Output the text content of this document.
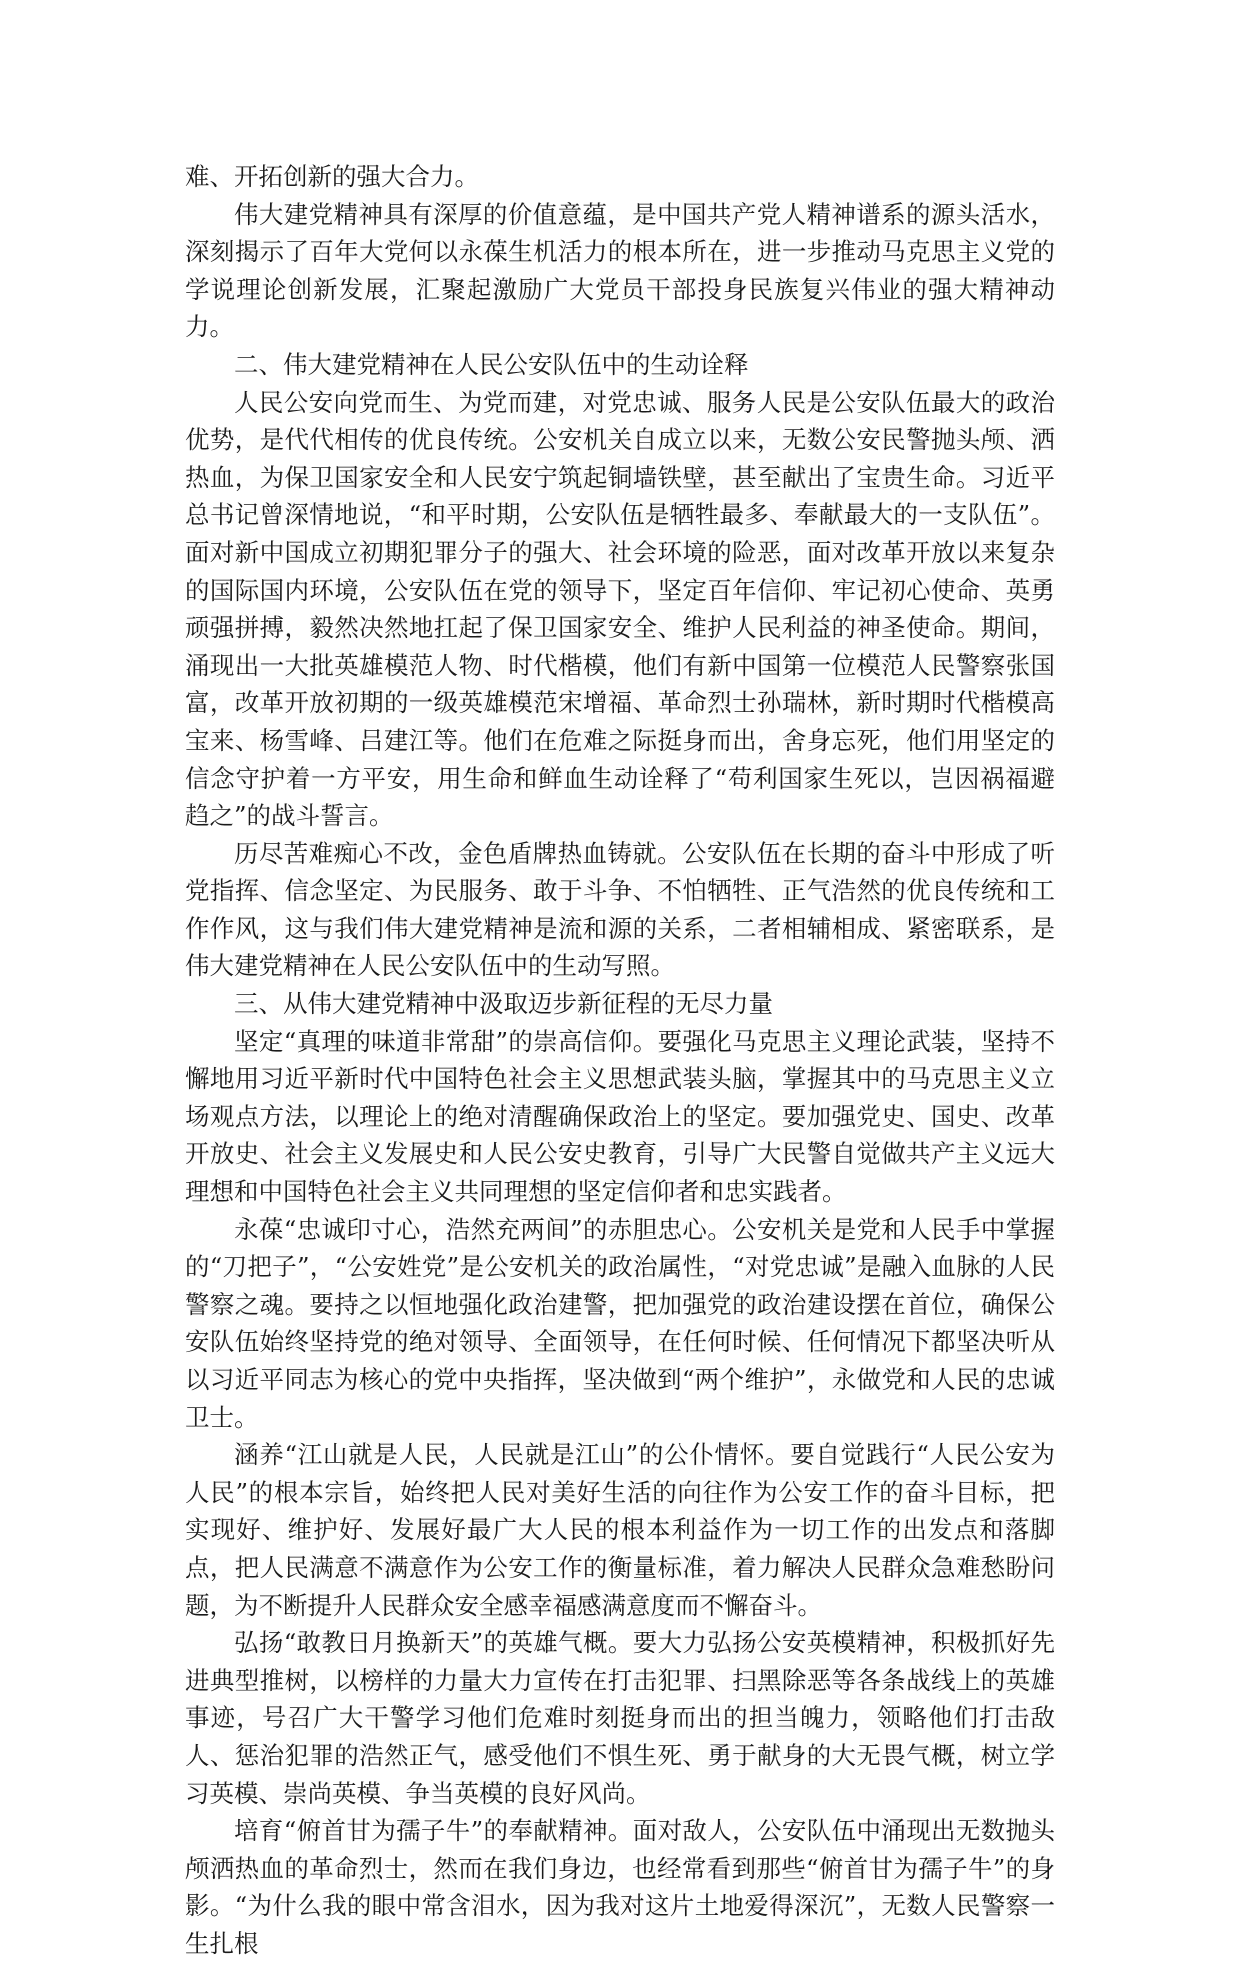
难、开拓创新的强大合力。

伟大建党精神具有深厚的价值意蕴，是中国共产党人精神谱系的源头活水，深刻揭示了百年大党何以永葆生机活力的根本所在，进一步推动马克思主义党的学说理论创新发展，汇聚起激励广大党员干部投身民族复兴伟业的强大精神动力。

二、伟大建党精神在人民公安队伍中的生动诠释

人民公安向党而生、为党而建，对党忠诚、服务人民是公安队伍最大的政治优势，是代代相传的优良传统。公安机关自成立以来，无数公安民警抛头颅、洒热血，为保卫国家安全和人民安宁筑起铜墙铁壁，甚至献出了宝贵生命。习近平总书记曾深情地说，“和平时期，公安队伍是牺牲最多、奉献最大的一支队伍”。面对新中国成立初期犯罪分子的强大、社会环境的险恶，面对改革开放以来复杂的国际国内环境，公安队伍在党的领导下，坚定百年信仰、牢记初心使命、英勇顽强拼搏，毅然决然地扛起了保卫国家安全、维护人民利益的神圣使命。期间，涌现出一大批英雄模范人物、时代楷模，他们有新中国第一位模范人民警察张国富，改革开放初期的一级英雄模范宋增福、革命烈士孙瑞林，新时期时代楷模高宝来、杨雪峰、吕建江等。他们在危难之际挺身而出，舍身忘死，他们用坚定的信念守护着一方平安，用生命和鲜血生动诠释了“苟利国家生死以，岂因祸福避趋之”的战斗誓言。

历尽苦难痴心不改，金色盾牌热血铸就。公安队伍在长期的奋斗中形成了听党指挥、信念坚定、为民服务、敢于斗争、不怕牺牲、正气浩然的优良传统和工作作风，这与我们伟大建党精神是流和源的关系，二者相辅相成、紧密联系，是伟大建党精神在人民公安队伍中的生动写照。

三、从伟大建党精神中汲取迈步新征程的无尽力量

坚定“真理的味道非常甜”的崇高信仰。要强化马克思主义理论武装，坚持不懈地用习近平新时代中国特色社会主义思想武装头脑，掌握其中的马克思主义立场观点方法，以理论上的绝对清醒确保政治上的坚定。要加强党史、国史、改革开放史、社会主义发展史和人民公安史教育，引导广大民警自觉做共产主义远大理想和中国特色社会主义共同理想的坚定信仰者和忠实践者。

永葆“忠诚印寸心，浩然充两间”的赤胆忠心。公安机关是党和人民手中掌握的“刀把子”，“公安姓党”是公安机关的政治属性，“对党忠诚”是融入血脉的人民警察之魂。要持之以恒地强化政治建警，把加强党的政治建设摆在首位，确保公安队伍始终坚持党的绝对领导、全面领导，在任何时候、任何情况下都坚决听从以习近平同志为核心的党中央指挥，坚决做到“两个维护”，永做党和人民的忠诚卫士。

涵养“江山就是人民，人民就是江山”的公仆情怀。要自觉践行“人民公安为人民”的根本宗旨，始终把人民对美好生活的向往作为公安工作的奋斗目标，把实现好、维护好、发展好最广大人民的根本利益作为一切工作的出发点和落脚点，把人民满意不满意作为公安工作的衡量标准，着力解决人民群众急难愁盼问题，为不断提升人民群众安全感幸福感满意度而不懈奋斗。

弘扬“敢教日月换新天”的英雄气概。要大力弘扬公安英模精神，积极抓好先进典型推树，以榜样的力量大力宣传在打击犯罪、扫黑除恶等各条战线上的英雄事迹，号召广大干警学习他们危难时刻挺身而出的担当魄力，领略他们打击敌人、惩治犯罪的浩然正气，感受他们不惧生死、勇于献身的大无畏气概，树立学习英模、崇尚英模、争当英模的良好风尚。

培育“俯首甘为孺子牛”的奉献精神。面对敌人，公安队伍中涌现出无数抛头颅洒热血的革命烈士，然而在我们身边，也经常看到那些“俯首甘为孺子牛”的身影。“为什么我的眼中常含泪水，因为我对这片土地爱得深沉”，无数人民警察一生扎根
